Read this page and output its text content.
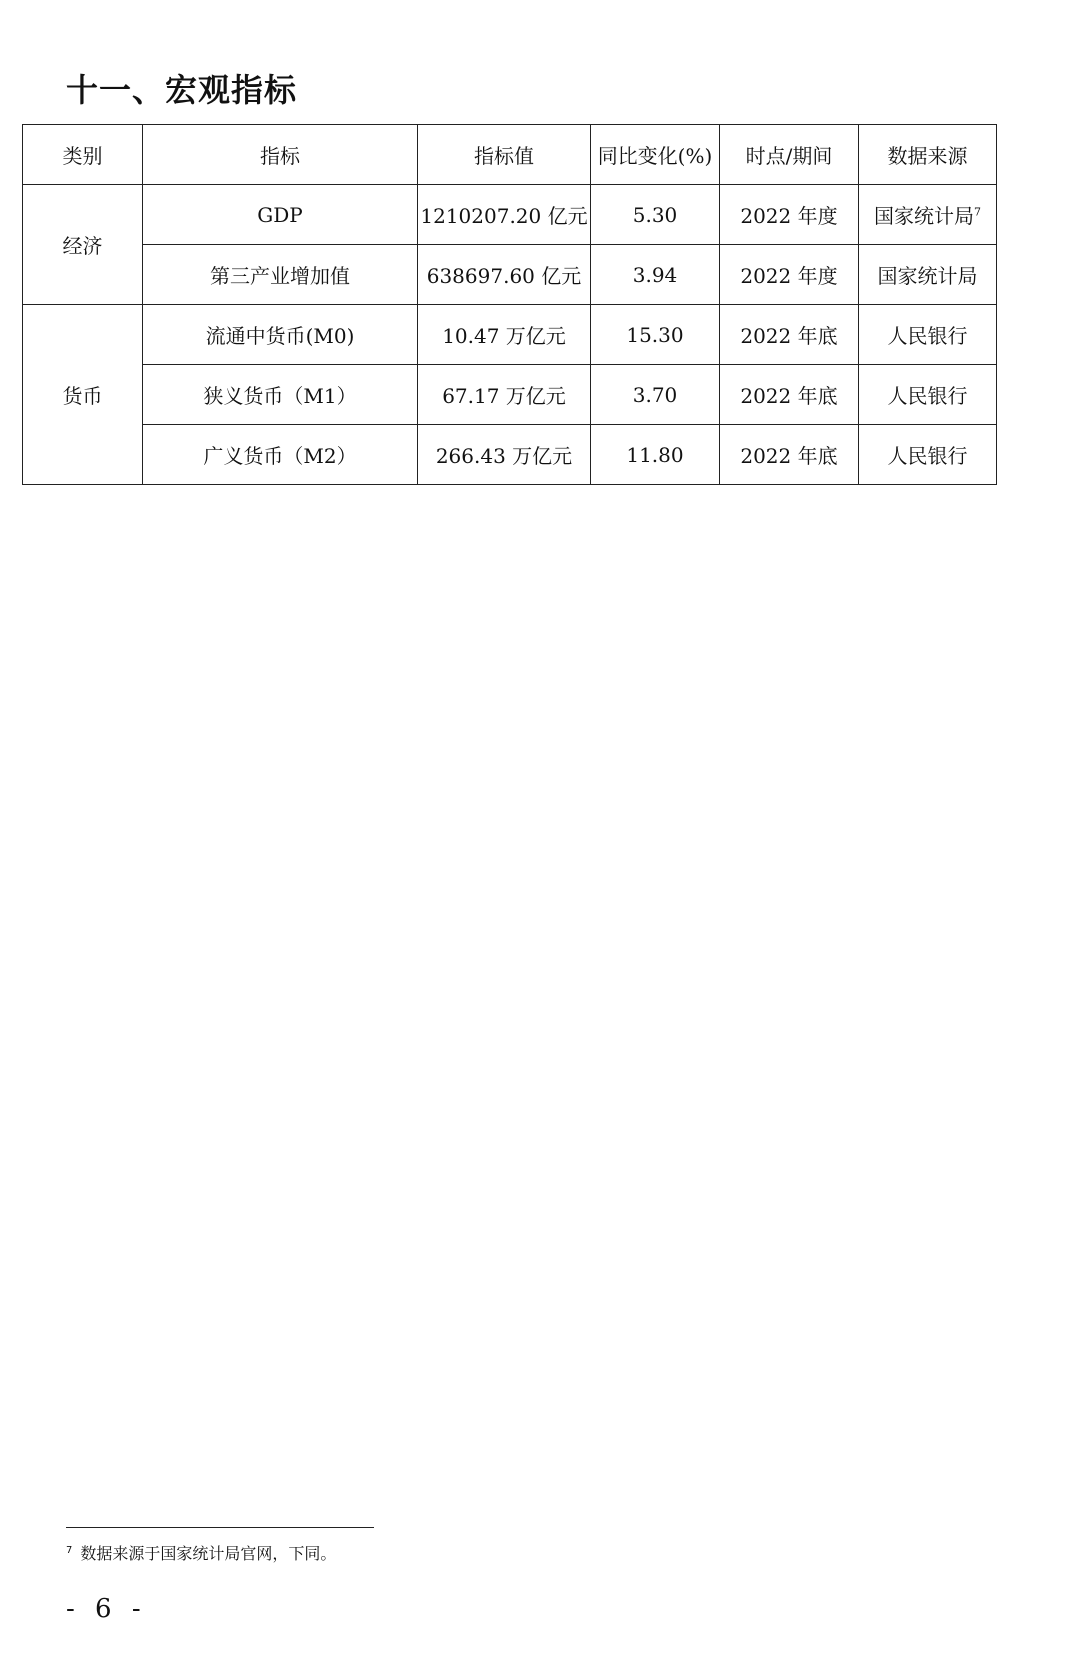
十一、宏观指标
类别	指标	指标值	同比变化(%)	时点/期间	数据来源
经济	GDP	1210207.20 亿元	5.30	2022 年度	国家统计局$^7$
	第三产业增加值	638697.60 亿元	3.94	2022 年度	国家统计局
货币	流通中货币(M0)	10.47 万亿元	15.30	2022 年底	人民银行
	狭义货币（M1）	67.17 万亿元	3.70	2022 年底	人民银行
	广义货币（M2）	266.43 万亿元	11.80	2022 年底	人民银行
$^7$ 数据来源于国家统计局官网，下同。
- 6 -
